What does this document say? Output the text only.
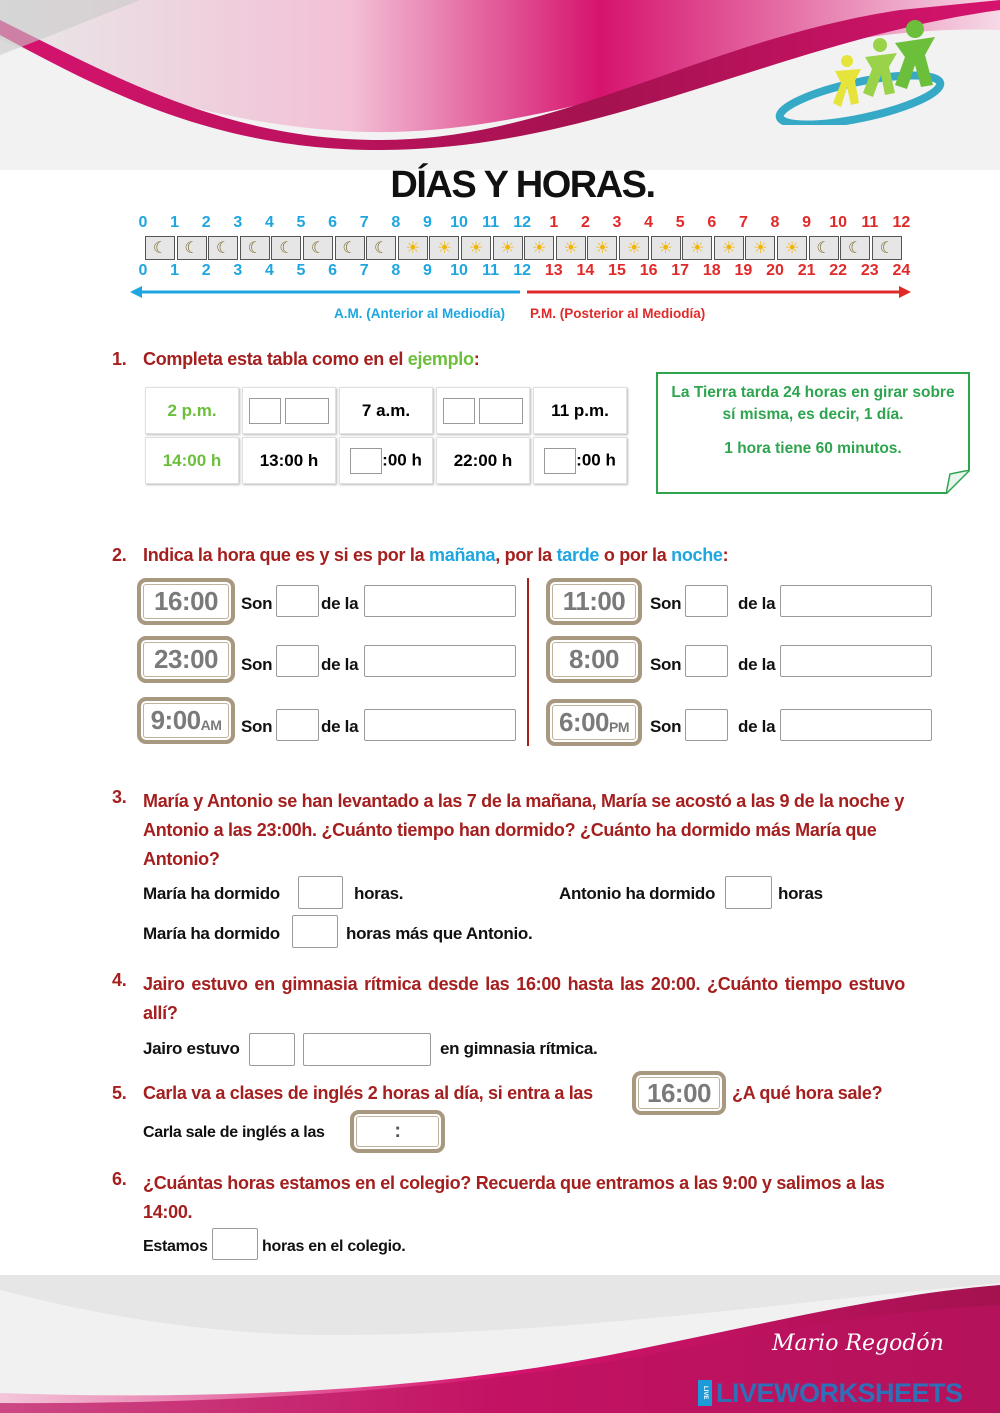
DÍAS Y HORAS.
0	1	2	3	4	5	6	7	8	9	10 11 12	1	2	3	4	5	6	7	8	9	10 11 12
☾	☾	☾	☾	☾	☾	☾	☾	☀	☀	☀	☀	☀	☀	☀	☀	☀	☀	☀	☀	☀	☾	☾	☾
0	1	2	3	4	5	6	7	8	9	10 11 12 13 14 15 16 17 18 19 20 21 22 23 24
A.M. (Anterior al Mediodía) P.M. (Posterior al Mediodía)
1. Completa esta tabla como en el ejemplo:
2 p.m.		7 a.m.		11 p.m.
14:00 h	13:00 h	:00 h	22:00 h	:00 h
La Tierra tarda 24 horas en girar sobre sí misma, es decir, 1 día.
1 hora tiene 60 minutos.
2. Indica la hora que es y si es por la mañana, por la tarde o por la noche:
16:00
23:00
9:00 AM
11:00
8:00
6:00 PM
Son	de la
Son	de la
Son	de la
Son	de la
Son	de la
Son	de la
3. María y Antonio se han levantado a las 7 de la mañana, María se acostó a las 9 de la noche y Antonio a las 23:00h. ¿Cuánto tiempo han dormido? ¿Cuánto ha dormido más María que Antonio?
María ha dormido	horas.	Antonio ha dormido	horas
María ha dormido	horas más que Antonio.
4. Jairo estuvo en gimnasia rítmica desde las 16:00 hasta las 20:00. ¿Cuánto tiempo estuvo allí?
Jairo estuvo	en gimnasia rítmica.
5. Carla va a clases de inglés 2 horas al día, si entra a las 16:00 ¿A qué hora sale?
Carla sale de inglés a las	:
6. ¿Cuántas horas estamos en el colegio? Recuerda que entramos a las 9:00 y salimos a las 14:00.
Estamos	horas en el colegio.
Mario Regodón
LIVE LIVEWORKSHEETS
